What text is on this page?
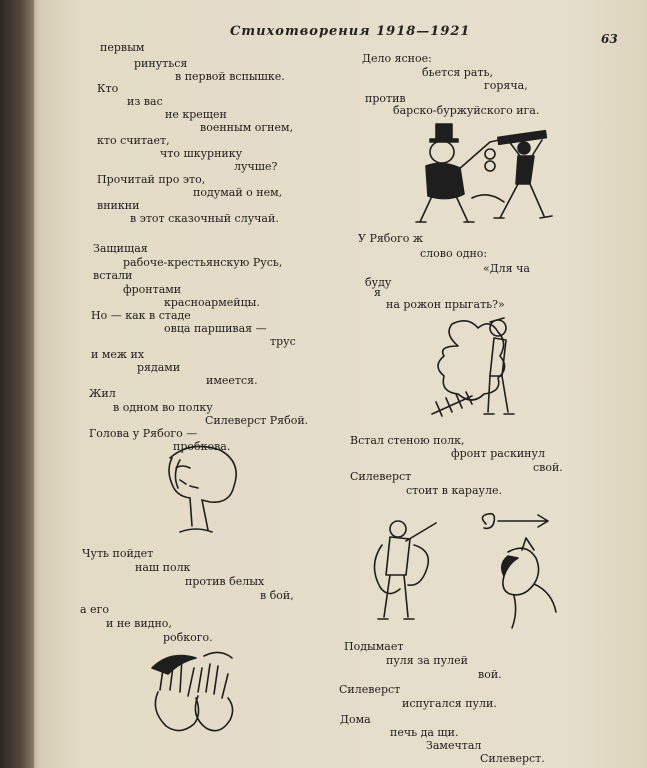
Стихотворения 1918—1921	63
первым
ринуться
в первой вспышке.
Кто
из вас
не крещен
военным огнем,
кто считает,
что шкурнику
лучше?
Прочитай про это,
подумай о нем,
вникни
в этот сказочный случай.
Защищая
рабоче-крестьянскую Русь,
встали
фронтами
красноармейцы.
Но — как в стаде
овца паршивая —
трус
и меж их
рядами
имеется.
Жил
в одном во полку
Силеверст Рябой.
Голова у Рябого —
пробкова.
Чуть пойдет
наш полк
против белых
в бой,
а его
и не видно,
робкого.
Дело ясное:
бьется рать,
горяча,
против
барско-буржуйского ига.
У Рябого ж
слово одно:
«Для ча
буду
я
на рожон прыгать?»
Встал стеною полк,
фронт раскинул
свой.
Силеверст
стоит в карауле.
Подымает
пуля за пулей
вой.
Силеверст
испугался пули.
Дома
печь да щи.
Замечтал
Силеверст.
